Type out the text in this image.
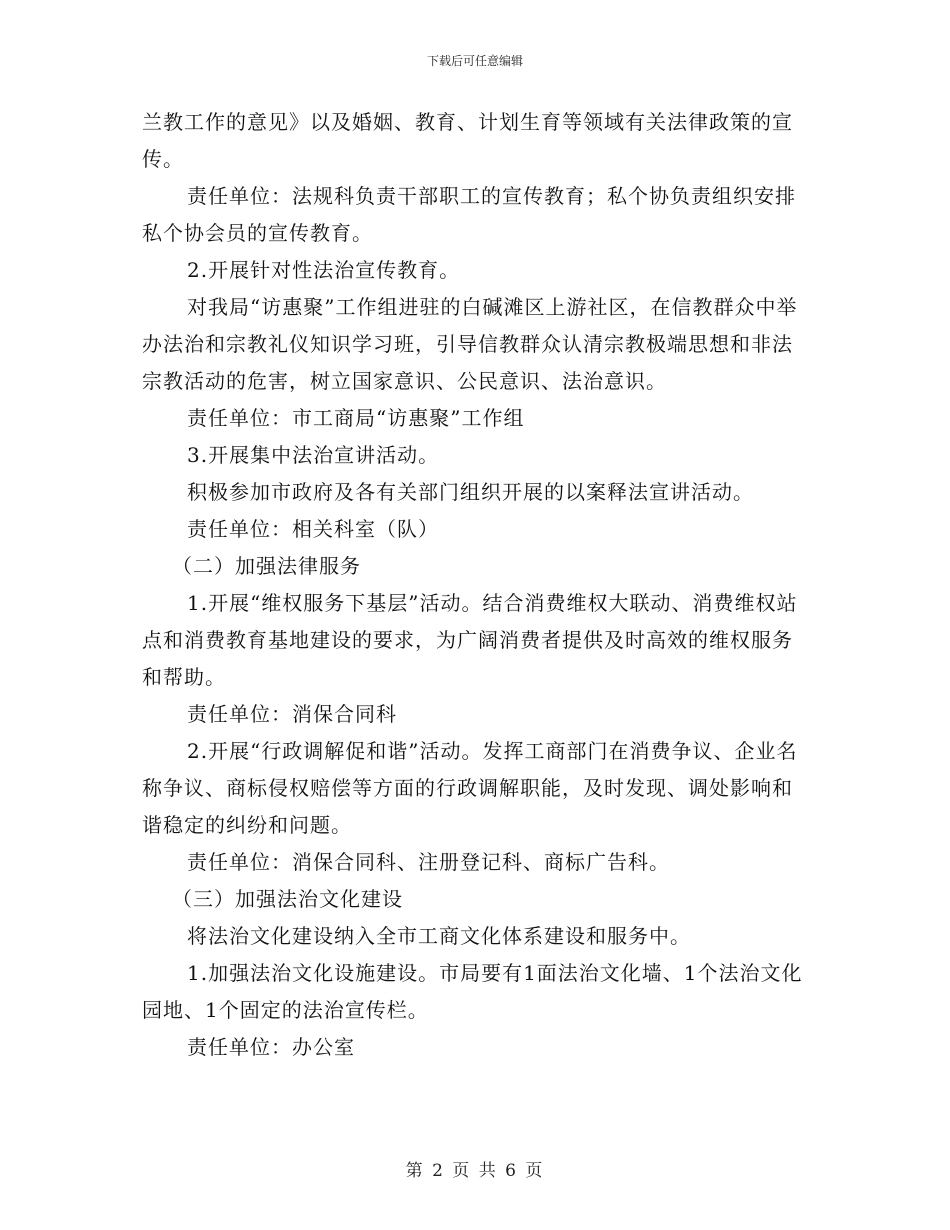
下载后可任意编辑

兰教工作的意见》以及婚姻、教育、计划生育等领域有关法律政策的宣传。

责任单位：法规科负责干部职工的宣传教育；私个协负责组织安排私个协会员的宣传教育。

2.开展针对性法治宣传教育。

对我局“访惠聚”工作组进驻的白碱滩区上游社区，在信教群众中举办法治和宗教礼仪知识学习班，引导信教群众认清宗教极端思想和非法宗教活动的危害，树立国家意识、公民意识、法治意识。

责任单位：市工商局“访惠聚”工作组

3.开展集中法治宣讲活动。

积极参加市政府及各有关部门组织开展的以案释法宣讲活动。

责任单位：相关科室（队）

（二）加强法律服务

1.开展“维权服务下基层”活动。结合消费维权大联动、消费维权站点和消费教育基地建设的要求，为广阔消费者提供及时高效的维权服务和帮助。

责任单位：消保合同科

2.开展“行政调解促和谐”活动。发挥工商部门在消费争议、企业名称争议、商标侵权赔偿等方面的行政调解职能，及时发现、调处影响和谐稳定的纠纷和问题。

责任单位：消保合同科、注册登记科、商标广告科。

（三）加强法治文化建设

将法治文化建设纳入全市工商文化体系建设和服务中。

1.加强法治文化设施建设。市局要有1面法治文化墙、1个法治文化园地、1个固定的法治宣传栏。

责任单位：办公室

第 2 页 共 6 页
